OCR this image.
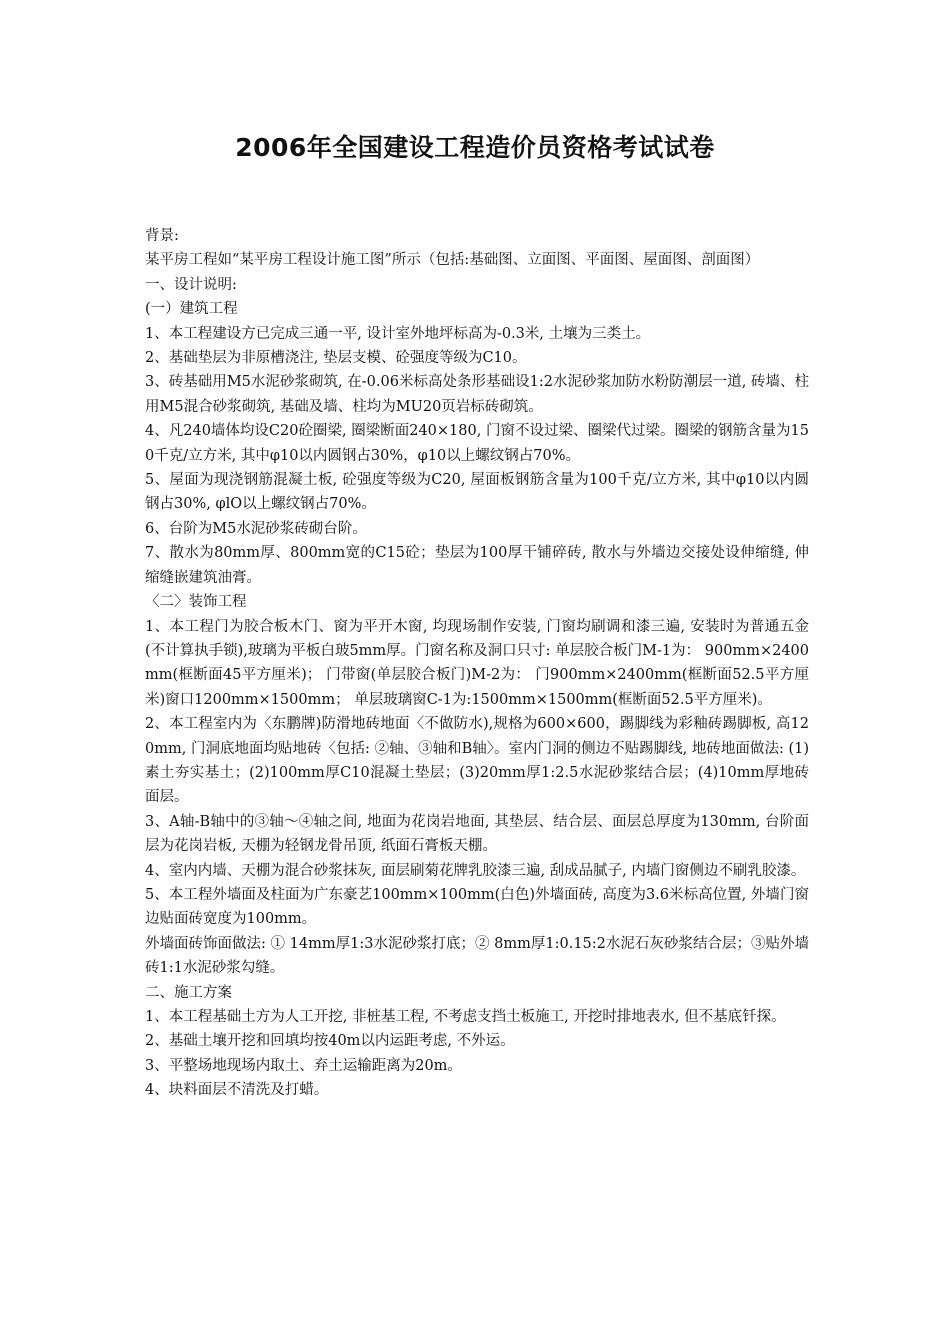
2006年全国建设工程造价员资格考试试卷

背景:

某平房工程如“某平房工程设计施工图”所示（包括:基础图、立面图、平面图、屋面图、剖面图）

一、设计说明:

(一）建筑工程

1、本工程建设方已完成三通一平, 设计室外地坪标高为-0.3米, 土壤为三类土。

2、基础垫层为非原槽浇注, 垫层支模、砼强度等级为C10。

3、砖基础用M5水泥砂浆砌筑, 在-0.06米标高处条形基础设1:2水泥砂浆加防水粉防潮层一道, 砖墙、柱用M5混合砂浆砌筑, 基础及墙、柱均为MU20页岩标砖砌筑。

4、凡240墙体均设C20砼圈梁, 圈梁断面240×180, 门窗不设过梁、圈梁代过梁。圈梁的钢筋含量为150千克/立方米, 其中φ10以内圆钢占30%，φ10以上螺纹钢占70%。

5、屋面为现浇钢筋混凝土板, 砼强度等级为C20, 屋面板钢筋含量为100千克/立方米, 其中φ10以内圆钢占30%, φlO以上螺纹钢占70%。

6、台阶为M5水泥砂浆砖砌台阶。

7、散水为80mm厚、800mm宽的C15砼；垫层为100厚干铺碎砖, 散水与外墙边交接处设伸缩缝, 伸缩缝嵌建筑油膏。

〈二〉装饰工程

1、本工程门为胶合板木门、窗为平开木窗, 均现场制作安装, 门窗均刷调和漆三遍, 安装时为普通五金(不计算执手锁),玻璃为平板白玻5mm厚。门窗名称及洞口只寸: 单层胶合板门M-1为： 900mm×2400mm(框断面45平方厘米)； 门带窗(单层胶合板门)M-2为： 门900mm×2400mm(框断面52.5平方厘米)窗口1200mm×1500mm； 单层玻璃窗C-1为:1500mm×1500mm(框断面52.5平方厘米)。

2、本工程室内为〈东鹏牌)防滑地砖地面〈不做防水),规格为600×600，踢脚线为彩釉砖踢脚板, 高120mm, 门洞底地面均贴地砖〈包括: ②轴、③轴和B轴〉。室内门洞的侧边不贴踢脚线, 地砖地面做法: (1)素土夯实基土；(2)100mm厚C10混凝土垫层；(3)20mm厚1:2.5水泥砂浆结合层；(4)10mm厚地砖面层。

3、A轴-B轴中的③轴～④轴之间, 地面为花岗岩地面, 其垫层、结合层、面层总厚度为130mm, 台阶面层为花岗岩板, 天棚为轻钢龙骨吊顶, 纸面石膏板天棚。

4、室内内墙、天棚为混合砂浆抹灰, 面层刷菊花牌乳胶漆三遍, 刮成品腻子, 内墙门窗侧边不刷乳胶漆。

5、本工程外墙面及柱面为广东豪艺100mm×100mm(白色)外墙面砖, 高度为3.6米标高位置, 外墙门窗边贴面砖宽度为100mm。

外墙面砖饰面做法: ① 14mm厚1:3水泥砂浆打底；② 8mm厚1:0.15:2水泥石灰砂浆结合层；③贴外墙砖1:1水泥砂浆勾缝。

二、施工方案

1、本工程基础土方为人工开挖, 非桩基工程, 不考虑支挡土板施工, 开挖时排地表水, 但不基底钎探。

2、基础土壤开挖和回填均按40m以内运距考虑, 不外运。

3、平整场地现场内取土、弃土运输距离为20m。

4、块料面层不清洗及打蜡。
